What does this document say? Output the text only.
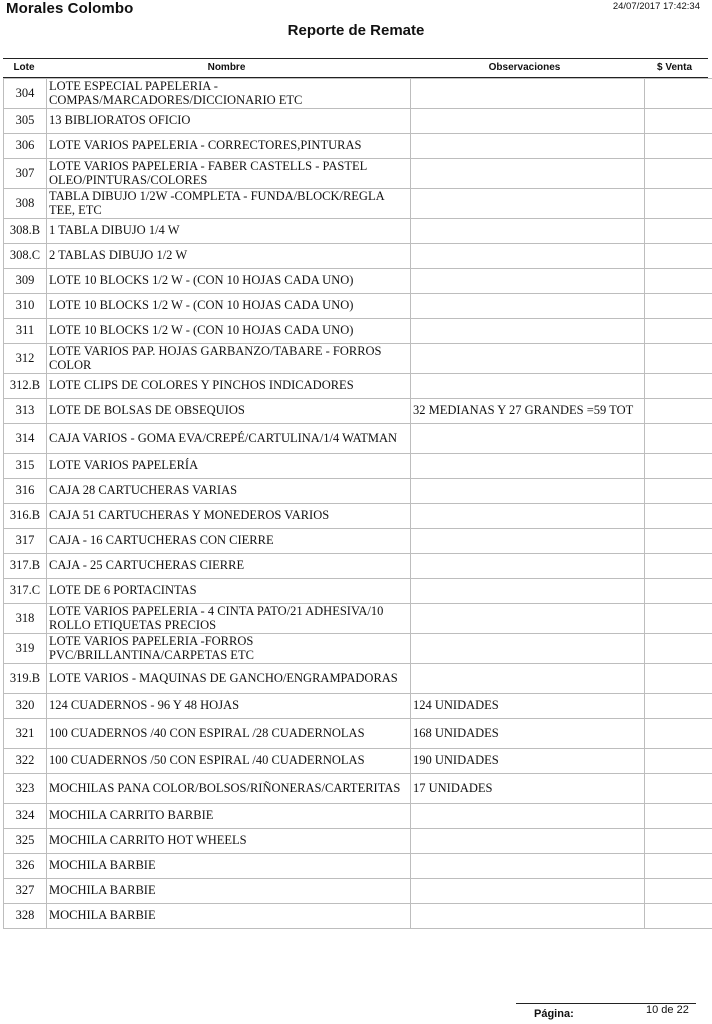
Morales Colombo	24/07/2017 17:42:34
Reporte de Remate
Lote	Nombre	Observaciones	$ Venta
304	LOTE ESPECIAL PAPELERIA - COMPAS/MARCADORES/DICCIONARIO ETC		
305	13 BIBLIORATOS OFICIO		
306	LOTE VARIOS PAPELERIA - CORRECTORES,PINTURAS		
307	LOTE VARIOS PAPELERIA - FABER CASTELLS - PASTEL OLEO/PINTURAS/COLORES		
308	TABLA DIBUJO 1/2W -COMPLETA - FUNDA/BLOCK/REGLA TEE, ETC		
308.B	1 TABLA DIBUJO 1/4 W		
308.C	2 TABLAS DIBUJO 1/2 W		
309	LOTE 10 BLOCKS 1/2 W - (CON 10 HOJAS CADA UNO)		
310	LOTE 10 BLOCKS 1/2 W - (CON 10 HOJAS CADA UNO)		
311	LOTE 10 BLOCKS 1/2 W - (CON 10 HOJAS CADA UNO)		
312	LOTE VARIOS PAP. HOJAS GARBANZO/TABARE - FORROS COLOR		
312.B	LOTE CLIPS DE COLORES Y PINCHOS INDICADORES		
313	LOTE DE BOLSAS DE OBSEQUIOS	32 MEDIANAS Y 27 GRANDES =59 TOT	
314	CAJA VARIOS - GOMA EVA/CREPÉ/CARTULINA/1/4 WATMAN		
315	LOTE VARIOS PAPELERÍA		
316	CAJA 28 CARTUCHERAS VARIAS		
316.B	CAJA 51 CARTUCHERAS Y MONEDEROS VARIOS		
317	CAJA - 16 CARTUCHERAS CON CIERRE		
317.B	CAJA - 25 CARTUCHERAS CIERRE		
317.C	LOTE DE 6 PORTACINTAS		
318	LOTE VARIOS PAPELERIA - 4 CINTA PATO/21 ADHESIVA/10 ROLLO ETIQUETAS PRECIOS		
319	LOTE VARIOS PAPELERIA -FORROS PVC/BRILLANTINA/CARPETAS ETC		
319.B	LOTE VARIOS - MAQUINAS DE GANCHO/ENGRAMPADORAS		
320	124 CUADERNOS - 96 Y 48 HOJAS	124 UNIDADES	
321	100 CUADERNOS /40 CON ESPIRAL /28 CUADERNOLAS	168 UNIDADES	
322	100 CUADERNOS /50 CON ESPIRAL /40 CUADERNOLAS	190 UNIDADES	
323	MOCHILAS PANA COLOR/BOLSOS/RIÑONERAS/CARTERITAS	17 UNIDADES	
324	MOCHILA CARRITO BARBIE		
325	MOCHILA CARRITO HOT WHEELS		
326	MOCHILA BARBIE		
327	MOCHILA BARBIE		
328	MOCHILA BARBIE		
Página:	10 de 22
